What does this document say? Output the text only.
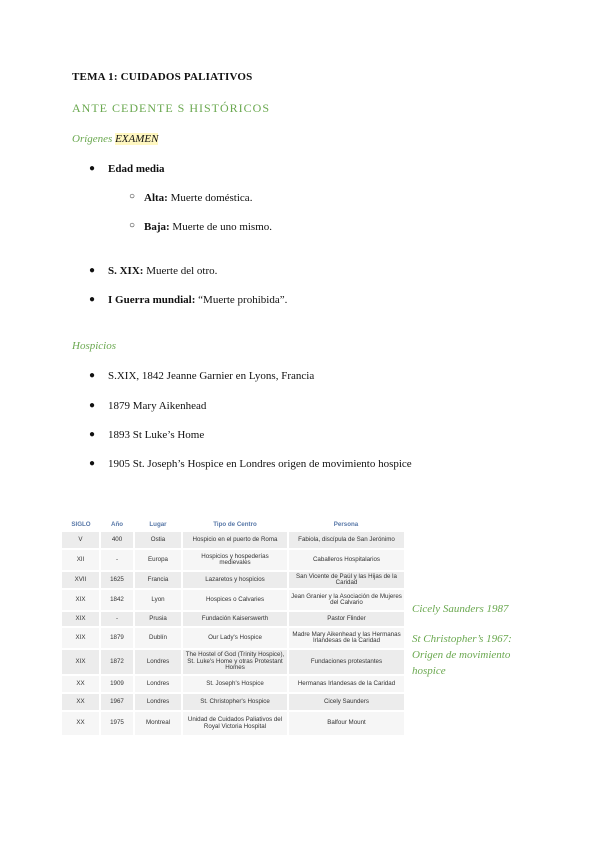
TEMA 1: CUIDADOS PALIATIVOS
ANTE CEDENTE S HISTÓRICOS
Orígenes EXAMEN
● Edad media
○ Alta: Muerte doméstica.
○ Baja: Muerte de uno mismo.
● S. XIX: Muerte del otro.
● I Guerra mundial: “Muerte prohibida”.
Hospicios
● S.XIX, 1842 Jeanne Garnier en Lyons, Francia
● 1879 Mary Aikenhead
● 1893 St Luke’s Home
● 1905 St. Joseph’s Hospice en Londres origen de movimiento hospice
SIGLO	Año	Lugar	Tipo de Centro	Persona
V	400	Ostia	Hospicio en el puerto de Roma	Fabiola, discípula de San Jerónimo
XII	-	Europa	Hospicios y hospederías medievales	Caballeros Hospitalarios
XVII	1625	Francia	Lazaretos y hospicios	San Vicente de Paúl y las Hijas de la Caridad
XIX	1842	Lyon	Hospices o Calvaries	Jean Granier y la Asociación de Mujeres del Calvario
XIX	-	Prusia	Fundación Kaiserswerth	Pastor Flinder
XIX	1879	Dublín	Our Lady's Hospice	Madre Mary Aikenhead y las Hermanas Irlandesas de la Caridad
XIX	1872	Londres	The Hostel of God (Trinity Hospice), St. Luke's Home y otras Protestant Homes	Fundaciones protestantes
XX	1909	Londres	St. Joseph's Hospice	Hermanas Irlandesas de la Caridad
XX	1967	Londres	St. Christopher's Hospice	Cicely Saunders
XX	1975	Montreal	Unidad de Cuidados Paliativos del Royal Victoria Hospital	Balfour Mount
Cicely Saunders 1987
St Christopher’s 1967:
Origen de movimiento
hospice
